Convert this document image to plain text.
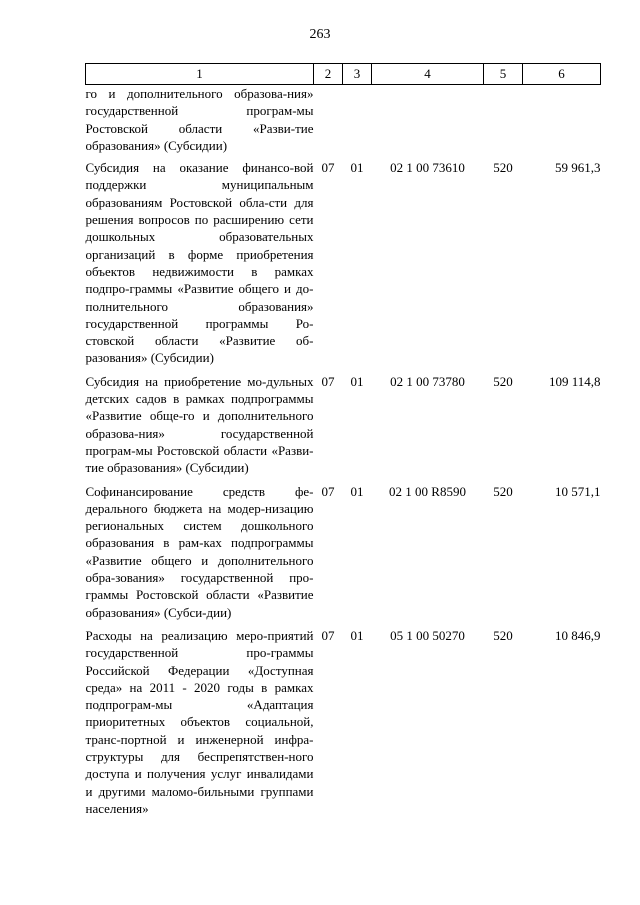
263
1	2	3	4	5	6
го и дополнительного образова-ния» государственной програм-мы Ростовской области «Разви-тие образования» (Субсидии)					
Субсидия на оказание финансо-вой поддержки муниципальным образованиям Ростовской обла-сти для решения вопросов по расширению сети дошкольных образовательных организаций в форме приобретения объектов недвижимости в рамках подпро-граммы «Развитие общего и до-полнительного образования» государственной программы Ро-стовской области «Развитие об-разования» (Субсидии)	07	01	02 1 00 73610	520	59 961,3
Субсидия на приобретение мо-дульных детских садов в рамках подпрограммы «Развитие обще-го и дополнительного образова-ния» государственной програм-мы Ростовской области «Разви-тие образования» (Субсидии)	07	01	02 1 00 73780	520	109 114,8
Софинансирование средств фе-дерального бюджета на модер-низацию региональных систем дошкольного образования в рам-ках подпрограммы «Развитие общего и дополнительного обра-зования» государственной про-граммы Ростовской области «Развитие образования» (Субси-дии)	07	01	02 1 00 R8590	520	10 571,1
Расходы на реализацию меро-приятий государственной про-граммы Российской Федерации «Доступная среда» на 2011 - 2020 годы в рамках подпрограм-мы «Адаптация приоритетных объектов социальной, транс-портной и инженерной инфра-структуры для беспрепятствен-ного доступа и получения услуг инвалидами и другими маломо-бильными группами населения»	07	01	05 1 00 50270	520	10 846,9
